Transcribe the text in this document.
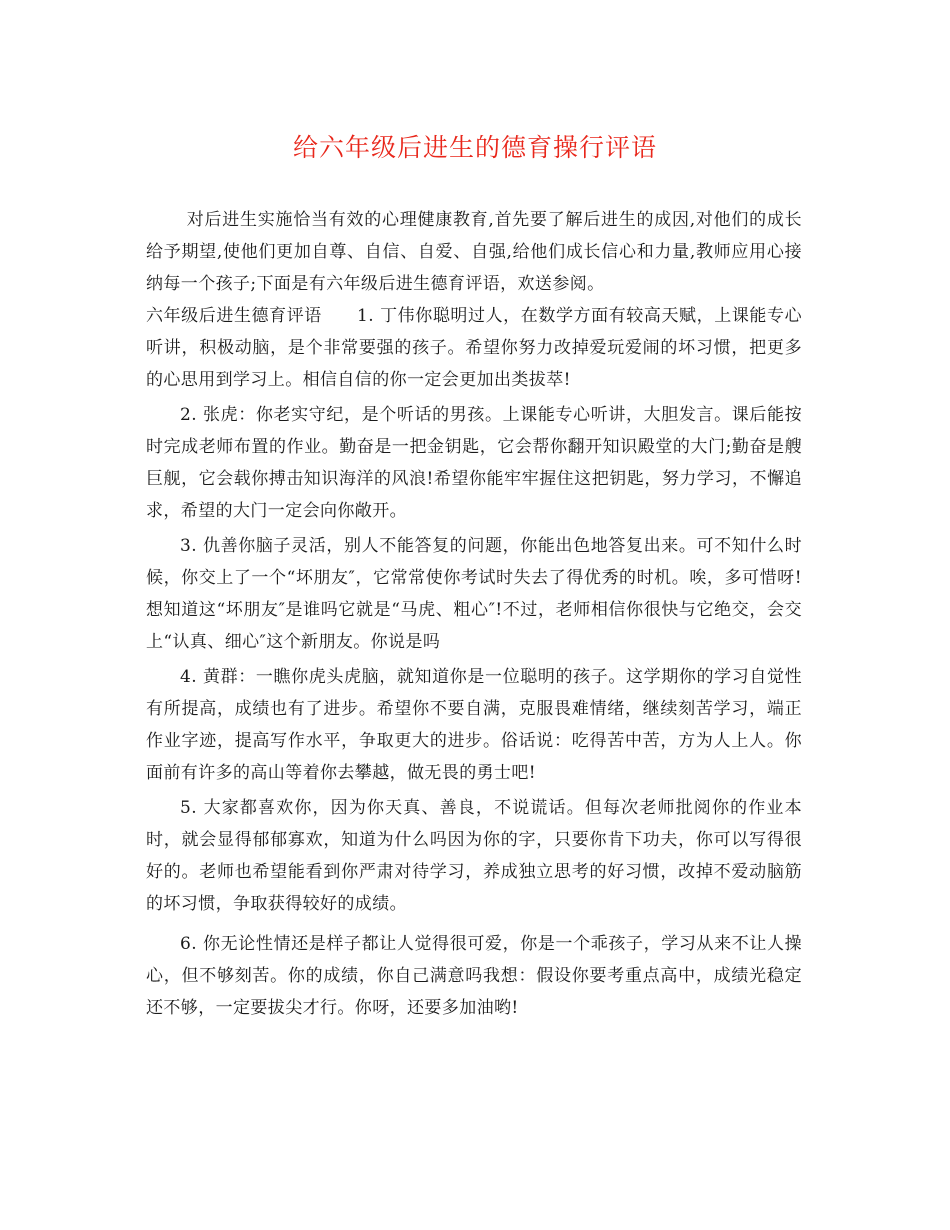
给六年级后进生的德育操行评语

对后进生实施恰当有效的心理健康教育,首先要了解后进生的成因,对他们的成长给予期望,使他们更加自尊、自信、自爱、自强,给他们成长信心和力量,教师应用心接纳每一个孩子;下面是有六年级后进生德育评语，欢送参阅。

六年级后进生德育评语　　1. 丁伟你聪明过人，在数学方面有较高天赋，上课能专心听讲，积极动脑，是个非常要强的孩子。希望你努力改掉爱玩爱闹的坏习惯，把更多的心思用到学习上。相信自信的你一定会更加出类拔萃!

2. 张虎：你老实守纪，是个听话的男孩。上课能专心听讲，大胆发言。课后能按时完成老师布置的作业。勤奋是一把金钥匙，它会帮你翻开知识殿堂的大门;勤奋是艘巨舰，它会载你搏击知识海洋的风浪!希望你能牢牢握住这把钥匙，努力学习，不懈追求，希望的大门一定会向你敞开。

3. 仇善你脑子灵活，别人不能答复的问题，你能出色地答复出来。可不知什么时候，你交上了一个“坏朋友″，它常常使你考试时失去了得优秀的时机。唉，多可惜呀!想知道这“坏朋友″是谁吗它就是“马虎、粗心″!不过，老师相信你很快与它绝交，会交上“认真、细心″这个新朋友。你说是吗

4. 黄群：一瞧你虎头虎脑，就知道你是一位聪明的孩子。这学期你的学习自觉性有所提高，成绩也有了进步。希望你不要自满，克服畏难情绪，继续刻苦学习，端正作业字迹，提高写作水平，争取更大的进步。俗话说：吃得苦中苦，方为人上人。你面前有许多的高山等着你去攀越，做无畏的勇士吧!

5. 大家都喜欢你，因为你天真、善良，不说谎话。但每次老师批阅你的作业本时，就会显得郁郁寡欢，知道为什么吗因为你的字，只要你肯下功夫，你可以写得很好的。老师也希望能看到你严肃对待学习，养成独立思考的好习惯，改掉不爱动脑筋的坏习惯，争取获得较好的成绩。

6. 你无论性情还是样子都让人觉得很可爱，你是一个乖孩子，学习从来不让人操心，但不够刻苦。你的成绩，你自己满意吗我想：假设你要考重点高中，成绩光稳定还不够，一定要拔尖才行。你呀，还要多加油哟!
